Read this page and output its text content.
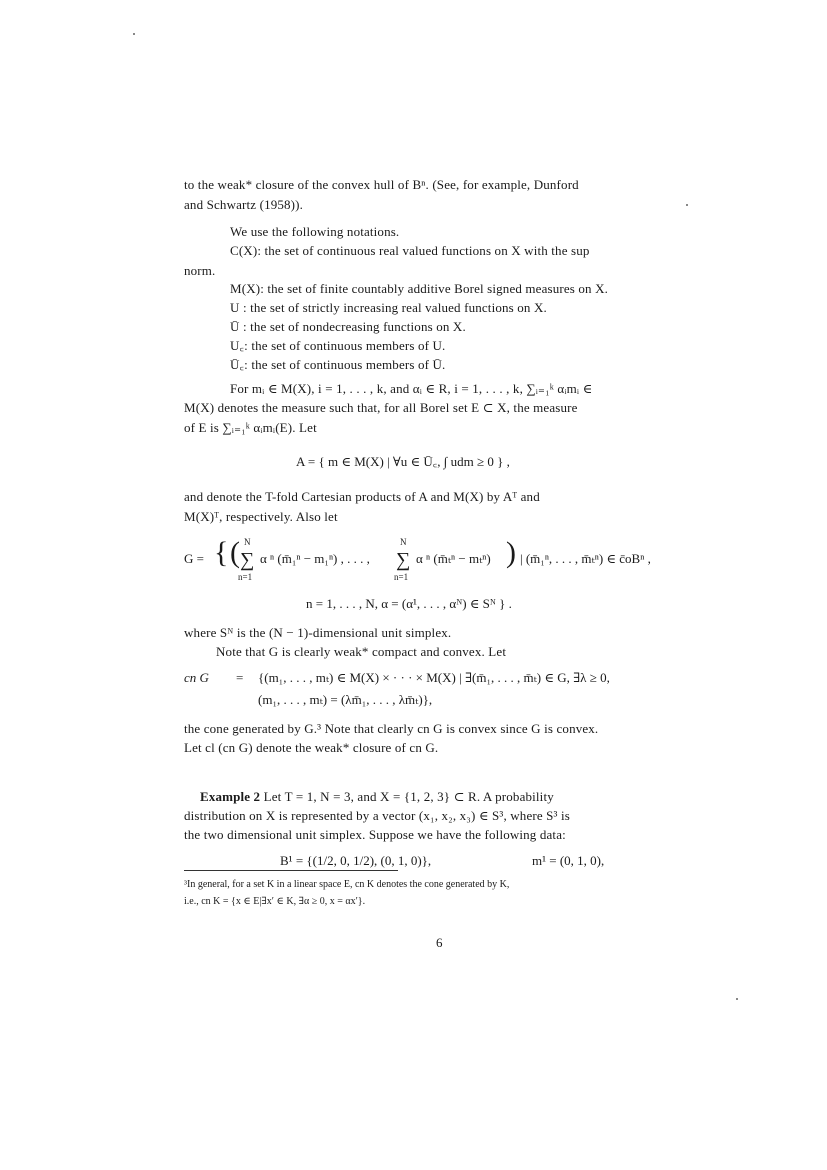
to the weak* closure of the convex hull of Bⁿ. (See, for example, Dunford
and Schwartz (1958)).
We use the following notations.
C(X): the set of continuous real valued functions on X with the sup
norm.
M(X): the set of finite countably additive Borel signed measures on X.
U : the set of strictly increasing real valued functions on X.
Ū : the set of nondecreasing functions on X.
U꜀: the set of continuous members of U.
Ū꜀: the set of continuous members of Ū.
For mᵢ ∈ M(X), i = 1, . . . , k, and αᵢ ∈ R, i = 1, . . . , k, ∑ᵢ₌₁ᵏ αᵢmᵢ ∈
M(X) denotes the measure such that, for all Borel set E ⊂ X, the measure
of E is ∑ᵢ₌₁ᵏ αᵢmᵢ(E). Let
A = { m ∈ M(X) | ∀u ∈ Ū꜀, ∫ udm ≥ 0 } ,
and denote the T-fold Cartesian products of A and M(X) by Aᵀ and
M(X)ᵀ, respectively. Also let
G = { ( N
∑
n=1
α ⁿ (m̄₁ⁿ − m₁ⁿ) , . . . ,
N
∑
n=1
α ⁿ (m̄ₜⁿ − mₜⁿ) ) | (m̄₁ⁿ, . . . , m̄ₜⁿ) ∈ c̄oBⁿ ,
n = 1, . . . , N, α = (α¹, . . . , αᴺ) ∈ Sᴺ } .
where Sᴺ is the (N − 1)-dimensional unit simplex.
Note that G is clearly weak* compact and convex. Let
cn G = {(m₁, . . . , mₜ) ∈ M(X) × · · · × M(X) | ∃(m̄₁, . . . , m̄ₜ) ∈ G, ∃λ ≥ 0,
(m₁, . . . , mₜ) = (λm̄₁, . . . , λm̄ₜ)},
the cone generated by G.³ Note that clearly cn G is convex since G is convex.
Let cl (cn G) denote the weak* closure of cn G.
Example 2 Let T = 1, N = 3, and X = {1, 2, 3} ⊂ R. A probability
distribution on X is represented by a vector (x₁, x₂, x₃) ∈ S³, where S³ is
the two dimensional unit simplex. Suppose we have the following data:
B¹ = {(1/2, 0, 1/2), (0, 1, 0)},	m¹ = (0, 1, 0),
³In general, for a set K in a linear space E, cn K denotes the cone generated by K,
i.e., cn K = {x ∈ E|∃x′ ∈ K, ∃α ≥ 0, x = αx′}.
6
